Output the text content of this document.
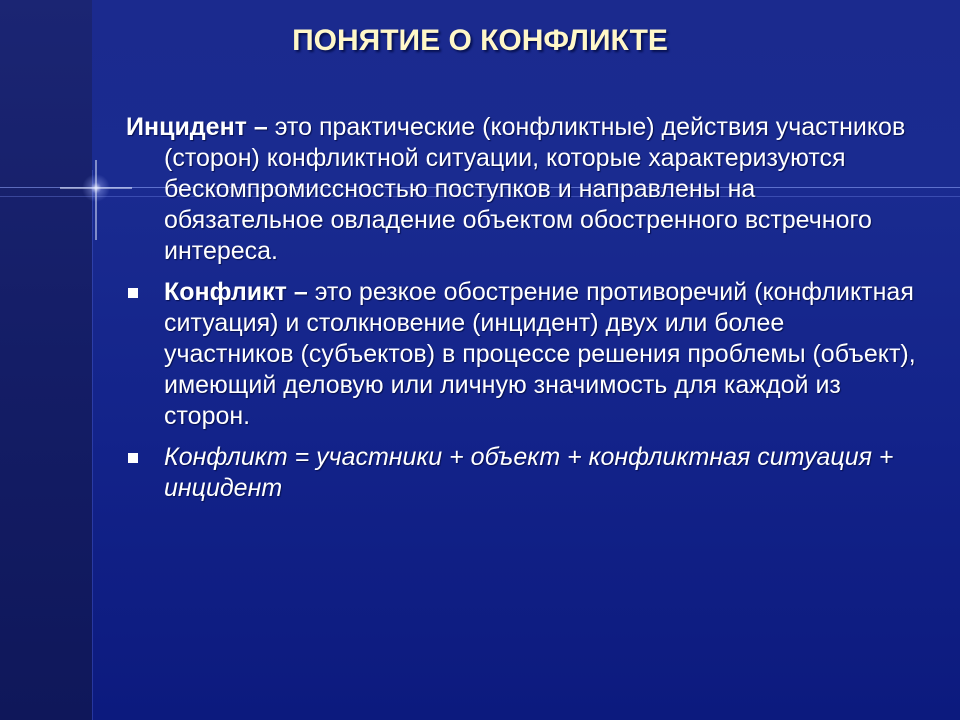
ПОНЯТИЕ О КОНФЛИКТЕ
Инцидент – это практические (конфликтные) действия участников (сторон) конфликтной ситуации, которые характеризуются бескомпромиссностью поступков и направлены на обязательное овладение объектом обостренного встречного интереса.
Конфликт – это резкое обострение противоречий (конфликтная ситуация) и столкновение (инцидент) двух или более участников (субъектов) в процессе решения проблемы (объект), имеющий деловую или личную значимость для каждой из сторон.
Конфликт = участники + объект + конфликтная ситуация + инцидент
